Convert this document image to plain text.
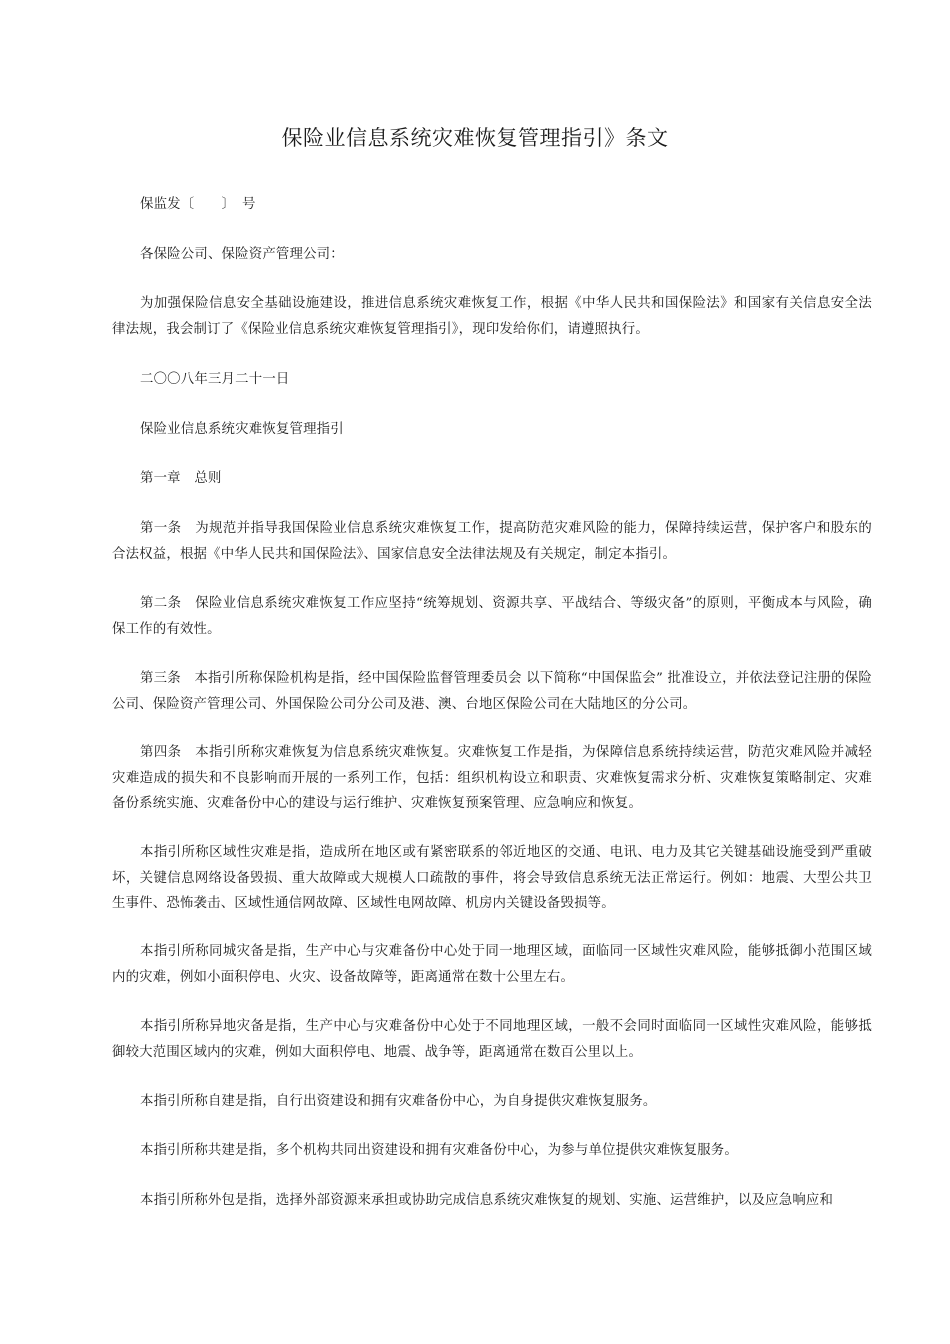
保险业信息系统灾难恢复管理指引》条文

保监发〔　　〕　号

各保险公司、保险资产管理公司：

为加强保险信息安全基础设施建设，推进信息系统灾难恢复工作，根据《中华人民共和国保险法》和国家有关信息安全法律法规，我会制订了《保险业信息系统灾难恢复管理指引》，现印发给你们，请遵照执行。

二〇〇八年三月二十一日

保险业信息系统灾难恢复管理指引

第一章　总则

第一条　为规范并指导我国保险业信息系统灾难恢复工作，提高防范灾难风险的能力，保障持续运营，保护客户和股东的合法权益，根据《中华人民共和国保险法》、国家信息安全法律法规及有关规定，制定本指引。

第二条　保险业信息系统灾难恢复工作应坚持“统筹规划、资源共享、平战结合、等级灾备”的原则，平衡成本与风险，确保工作的有效性。

第三条　本指引所称保险机构是指，经中国保险监督管理委员会 以下简称“中国保监会” 批准设立，并依法登记注册的保险公司、保险资产管理公司、外国保险公司分公司及港、澳、台地区保险公司在大陆地区的分公司。

第四条　本指引所称灾难恢复为信息系统灾难恢复。灾难恢复工作是指，为保障信息系统持续运营，防范灾难风险并减轻灾难造成的损失和不良影响而开展的一系列工作，包括：组织机构设立和职责、灾难恢复需求分析、灾难恢复策略制定、灾难备份系统实施、灾难备份中心的建设与运行维护、灾难恢复预案管理、应急响应和恢复。

本指引所称区域性灾难是指，造成所在地区或有紧密联系的邻近地区的交通、电讯、电力及其它关键基础设施受到严重破坏，关键信息网络设备毁损、重大故障或大规模人口疏散的事件，将会导致信息系统无法正常运行。例如：地震、大型公共卫生事件、恐怖袭击、区域性通信网故障、区域性电网故障、机房内关键设备毁损等。

本指引所称同城灾备是指，生产中心与灾难备份中心处于同一地理区域，面临同一区域性灾难风险，能够抵御小范围区域内的灾难，例如小面积停电、火灾、设备故障等，距离通常在数十公里左右。

本指引所称异地灾备是指，生产中心与灾难备份中心处于不同地理区域，一般不会同时面临同一区域性灾难风险，能够抵御较大范围区域内的灾难，例如大面积停电、地震、战争等，距离通常在数百公里以上。

本指引所称自建是指，自行出资建设和拥有灾难备份中心，为自身提供灾难恢复服务。

本指引所称共建是指，多个机构共同出资建设和拥有灾难备份中心，为参与单位提供灾难恢复服务。

本指引所称外包是指，选择外部资源来承担或协助完成信息系统灾难恢复的规划、实施、运营维护，以及应急响应和
